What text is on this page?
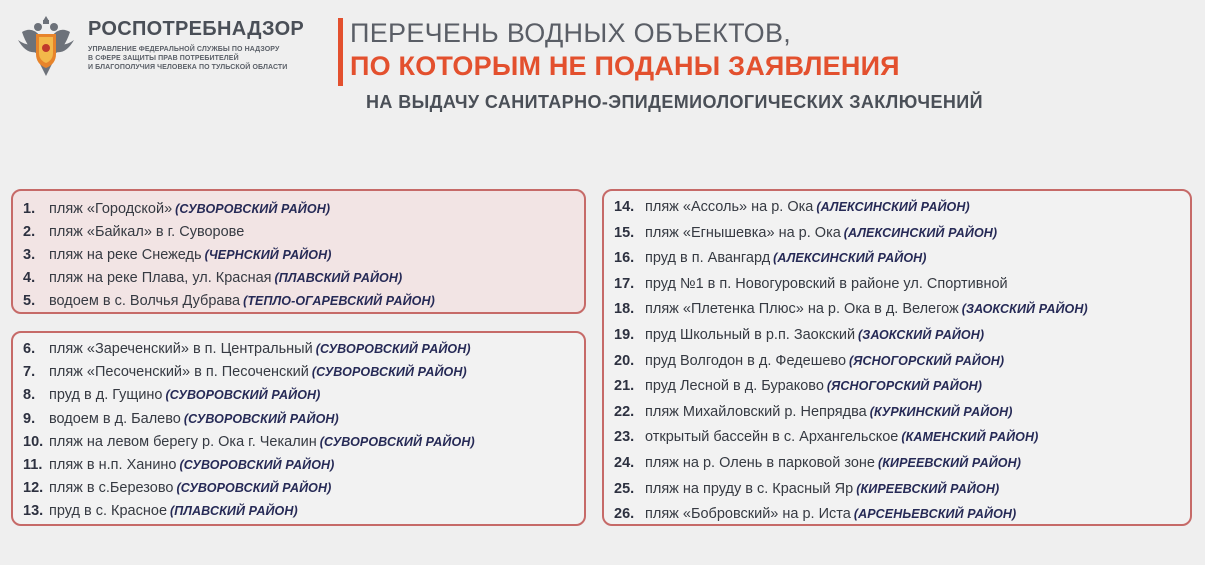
РОСПОТРЕБНАДЗОР
УПРАВЛЕНИЕ ФЕДЕРАЛЬНОЙ СЛУЖБЫ ПО НАДЗОРУ
В СФЕРЕ ЗАЩИТЫ ПРАВ ПОТРЕБИТЕЛЕЙ
И БЛАГОПОЛУЧИЯ ЧЕЛОВЕКА ПО ТУЛЬСКОЙ ОБЛАСТИ
ПЕРЕЧЕНЬ ВОДНЫХ ОБЪЕКТОВ,
ПО КОТОРЫМ НЕ ПОДАНЫ ЗАЯВЛЕНИЯ
НА ВЫДАЧУ САНИТАРНО-ЭПИДЕМИОЛОГИЧЕСКИХ ЗАКЛЮЧЕНИЙ
1. пляж «Городской» (СУВОРОВСКИЙ РАЙОН)
2. пляж «Байкал» в г. Суворове
3. пляж на реке Снежедь (ЧЕРНСКИЙ РАЙОН)
4. пляж на реке Плава, ул. Красная (ПЛАВСКИЙ РАЙОН)
5. водоем в с. Волчья Дубрава (ТЕПЛО-ОГАРЕВСКИЙ РАЙОН)
6. пляж «Зареченский» в п. Центральный (СУВОРОВСКИЙ РАЙОН)
7. пляж «Песоченский» в п. Песоченский (СУВОРОВСКИЙ РАЙОН)
8. пруд в д. Гущино (СУВОРОВСКИЙ РАЙОН)
9. водоем в д. Балево (СУВОРОВСКИЙ РАЙОН)
10. пляж на левом берегу р. Ока г. Чекалин (СУВОРОВСКИЙ РАЙОН)
11. пляж в н.п. Ханино (СУВОРОВСКИЙ РАЙОН)
12. пляж в с.Березово (СУВОРОВСКИЙ РАЙОН)
13. пруд в с. Красное (ПЛАВСКИЙ РАЙОН)
14. пляж «Ассоль» на р. Ока (АЛЕКСИНСКИЙ РАЙОН)
15. пляж «Егнышевка» на р. Ока (АЛЕКСИНСКИЙ РАЙОН)
16. пруд в п. Авангард (АЛЕКСИНСКИЙ РАЙОН)
17. пруд №1 в п. Новогуровский в районе ул. Спортивной
18. пляж «Плетенка Плюс» на р. Ока в д. Велегож (ЗАОКСКИЙ РАЙОН)
19. пруд Школьный в р.п. Заокский (ЗАОКСКИЙ РАЙОН)
20. пруд Волгодон в д. Федешево (ЯСНОГОРСКИЙ РАЙОН)
21. пруд Лесной в д. Бураково (ЯСНОГОРСКИЙ РАЙОН)
22. пляж Михайловский р. Непрядва (КУРКИНСКИЙ РАЙОН)
23. открытый бассейн в с. Архангельское (КАМЕНСКИЙ РАЙОН)
24. пляж на р. Олень в парковой зоне (КИРЕЕВСКИЙ РАЙОН)
25. пляж на пруду в с. Красный Яр (КИРЕЕВСКИЙ РАЙОН)
26. пляж «Бобровский» на р. Иста (АРСЕНЬЕВСКИЙ РАЙОН)
